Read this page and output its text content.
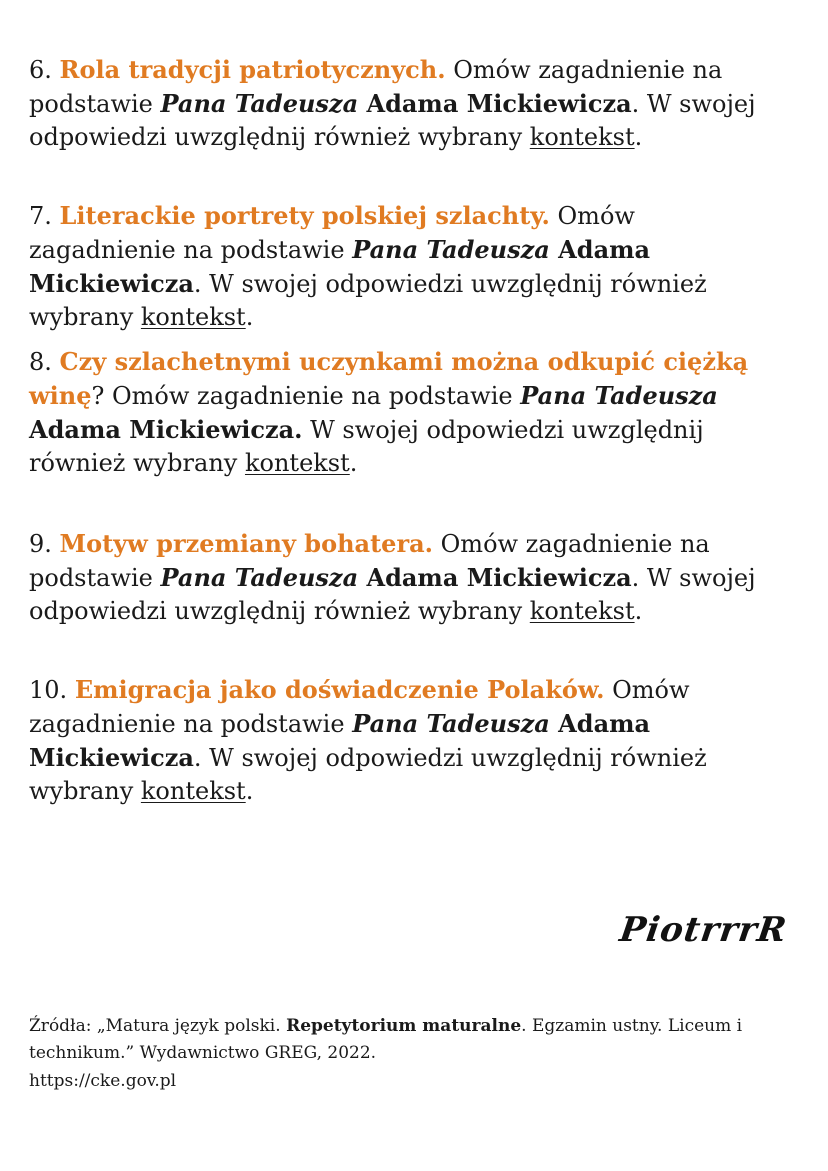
6. Rola tradycji patriotycznych. Omów zagadnienie na podstawie Pana Tadeusza Adama Mickiewicza. W swojej odpowiedzi uwzględnij również wybrany kontekst.

7. Literackie portrety polskiej szlachty. Omów zagadnienie na podstawie Pana Tadeusza Adama Mickiewicza. W swojej odpowiedzi uwzględnij również wybrany kontekst.

8. Czy szlachetnymi uczynkami można odkupić ciężką winę? Omów zagadnienie na podstawie Pana Tadeusza Adama Mickiewicza. W swojej odpowiedzi uwzględnij również wybrany kontekst.

9. Motyw przemiany bohatera. Omów zagadnienie na podstawie Pana Tadeusza Adama Mickiewicza. W swojej odpowiedzi uwzględnij również wybrany kontekst.

10. Emigracja jako doświadczenie Polaków. Omów zagadnienie na podstawie Pana Tadeusza Adama Mickiewicza. W swojej odpowiedzi uwzględnij również wybrany kontekst.

PiotrrrR

Źródła: „Matura język polski. Repetytorium maturalne. Egzamin ustny. Liceum i technikum.” Wydawnictwo GREG, 2022.

https://cke.gov.pl
